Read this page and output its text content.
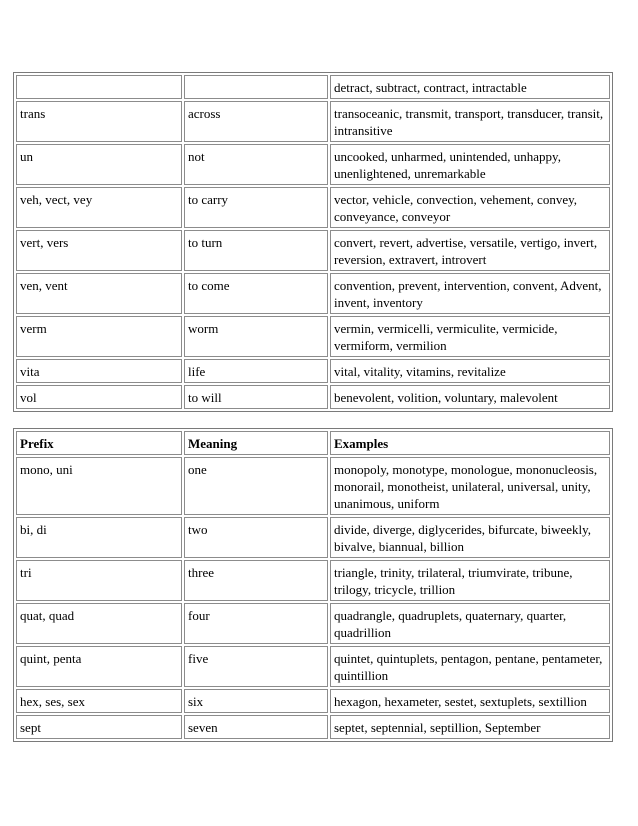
		detract, subtract, contract, intractable
trans	across	transoceanic, transmit, transport, transducer, transit, intransitive
un	not	uncooked, unharmed, unintended, unhappy, unenlightened, unremarkable
veh, vect, vey	to carry	vector, vehicle, convection, vehement, convey, conveyance, conveyor
vert, vers	to turn	convert, revert, advertise, versatile, vertigo, invert, reversion, extravert, introvert
ven, vent	to come	convention, prevent, intervention, convent, Advent, invent, inventory
verm	worm	vermin, vermicelli, vermiculite, vermicide, vermiform, vermilion
vita	life	vital, vitality, vitamins, revitalize
vol	to will	benevolent, volition, voluntary, malevolent
Prefix	Meaning	Examples
mono, uni	one	monopoly, monotype, monologue, mononucleosis, monorail, monotheist, unilateral, universal, unity, unanimous, uniform
bi, di	two	divide, diverge, diglycerides, bifurcate, biweekly, bivalve, biannual, billion
tri	three	triangle, trinity, trilateral, triumvirate, tribune, trilogy, tricycle, trillion
quat, quad	four	quadrangle, quadruplets, quaternary, quarter, quadrillion
quint, penta	five	quintet, quintuplets, pentagon, pentane, pentameter, quintillion
hex, ses, sex	six	hexagon, hexameter, sestet, sextuplets, sextillion
sept	seven	septet, septennial, septillion, September
